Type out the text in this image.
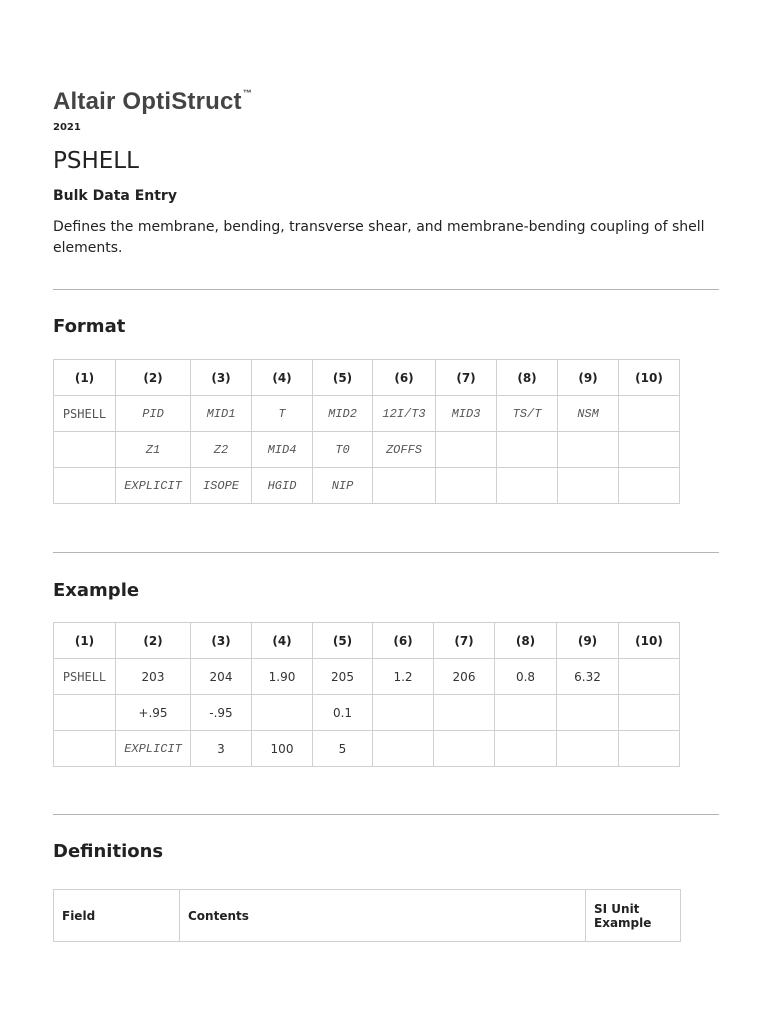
Altair OptiStruct™
2021
PSHELL
Bulk Data Entry
Defines the membrane, bending, transverse shear, and membrane-bending coupling of shell elements.
Format
(1)	(2)	(3)	(4)	(5)	(6)	(7)	(8)	(9)	(10)
PSHELL	PID	MID1	T	MID2	12I/T3	MID3	TS/T	NSM	
	Z1	Z2	MID4	T0	ZOFFS				
	EXPLICIT	ISOPE	HGID	NIP					
Example
(1)	(2)	(3)	(4)	(5)	(6)	(7)	(8)	(9)	(10)
PSHELL	203	204	1.90	205	1.2	206	0.8	6.32	
	+.95	-.95		0.1					
	EXPLICIT	3	100	5					
Definitions
Field	Contents	SI Unit Example
